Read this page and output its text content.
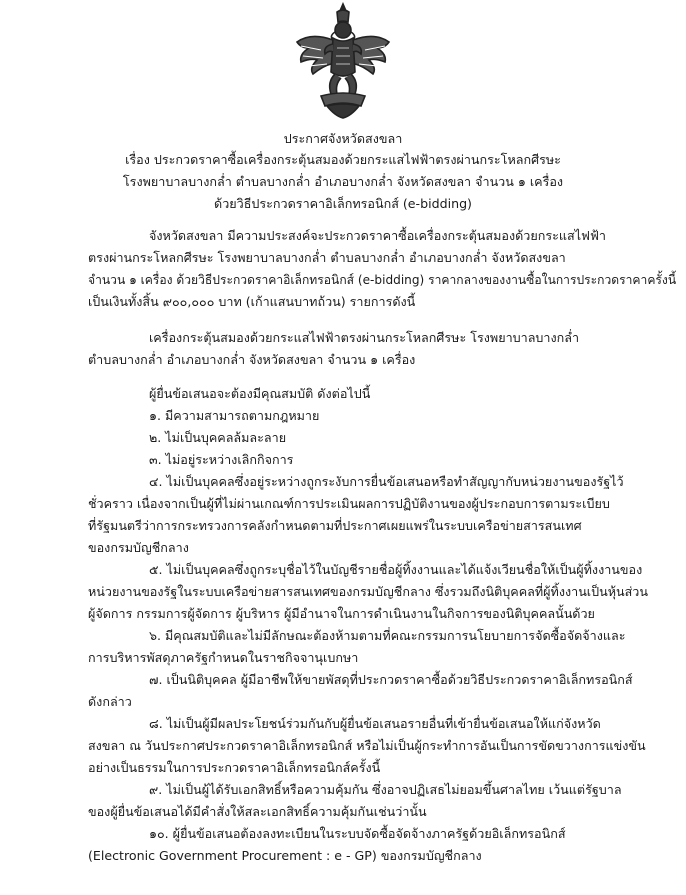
ประกาศจังหวัดสงขลา
เรื่อง ประกวดราคาซื้อเครื่องกระตุ้นสมองด้วยกระแสไฟฟ้าตรงผ่านกระโหลกศีรษะ
โรงพยาบาลบางกล่ำ ตำบลบางกล่ำ อำเภอบางกล่ำ จังหวัดสงขลา จำนวน ๑ เครื่อง
ด้วยวิธีประกวดราคาอิเล็กทรอนิกส์ (e-bidding)
จังหวัดสงขลา มีความประสงค์จะประกวดราคาซื้อเครื่องกระตุ้นสมองด้วยกระแสไฟฟ้า
ตรงผ่านกระโหลกศีรษะ โรงพยาบาลบางกล่ำ ตำบลบางกล่ำ อำเภอบางกล่ำ จังหวัดสงขลา
จำนวน ๑ เครื่อง ด้วยวิธีประกวดราคาอิเล็กทรอนิกส์ (e-bidding) ราคากลางของงานซื้อในการประกวดราคาครั้งนี้
เป็นเงินทั้งสิ้น ๙๐๐,๐๐๐ บาท (เก้าแสนบาทถ้วน) รายการดังนี้
เครื่องกระตุ้นสมองด้วยกระแสไฟฟ้าตรงผ่านกระโหลกศีรษะ โรงพยาบาลบางกล่ำ
ตำบลบางกล่ำ อำเภอบางกล่ำ จังหวัดสงขลา จำนวน ๑ เครื่อง
ผู้ยื่นข้อเสนอจะต้องมีคุณสมบัติ ดังต่อไปนี้
๑. มีความสามารถตามกฎหมาย
๒. ไม่เป็นบุคคลล้มละลาย
๓. ไม่อยู่ระหว่างเลิกกิจการ
๔. ไม่เป็นบุคคลซึ่งอยู่ระหว่างถูกระงับการยื่นข้อเสนอหรือทำสัญญากับหน่วยงานของรัฐไว้
ชั่วคราว เนื่องจากเป็นผู้ที่ไม่ผ่านเกณฑ์การประเมินผลการปฏิบัติงานของผู้ประกอบการตามระเบียบ
ที่รัฐมนตรีว่าการกระทรวงการคลังกำหนดตามที่ประกาศเผยแพร่ในระบบเครือข่ายสารสนเทศ
ของกรมบัญชีกลาง
๕. ไม่เป็นบุคคลซึ่งถูกระบุชื่อไว้ในบัญชีรายชื่อผู้ทิ้งงานและได้แจ้งเวียนชื่อให้เป็นผู้ทิ้งงานของ
หน่วยงานของรัฐในระบบเครือข่ายสารสนเทศของกรมบัญชีกลาง ซึ่งรวมถึงนิติบุคคลที่ผู้ทิ้งงานเป็นหุ้นส่วน
ผู้จัดการ กรรมการผู้จัดการ ผู้บริหาร ผู้มีอำนาจในการดำเนินงานในกิจการของนิติบุคคลนั้นด้วย
๖. มีคุณสมบัติและไม่มีลักษณะต้องห้ามตามที่คณะกรรมการนโยบายการจัดซื้อจัดจ้างและ
การบริหารพัสดุภาครัฐกำหนดในราชกิจจานุเบกษา
๗. เป็นนิติบุคคล ผู้มีอาชีพให้ขายพัสดุที่ประกวดราคาซื้อด้วยวิธีประกวดราคาอิเล็กทรอนิกส์
ดังกล่าว
๘. ไม่เป็นผู้มีผลประโยชน์ร่วมกันกับผู้ยื่นข้อเสนอรายอื่นที่เข้ายื่นข้อเสนอให้แก่จังหวัด
สงขลา ณ วันประกาศประกวดราคาอิเล็กทรอนิกส์ หรือไม่เป็นผู้กระทำการอันเป็นการขัดขวางการแข่งขัน
อย่างเป็นธรรมในการประกวดราคาอิเล็กทรอนิกส์ครั้งนี้
๙. ไม่เป็นผู้ได้รับเอกสิทธิ์หรือความคุ้มกัน ซึ่งอาจปฏิเสธไม่ยอมขึ้นศาลไทย เว้นแต่รัฐบาล
ของผู้ยื่นข้อเสนอได้มีคำสั่งให้สละเอกสิทธิ์ความคุ้มกันเช่นว่านั้น
๑๐. ผู้ยื่นข้อเสนอต้องลงทะเบียนในระบบจัดซื้อจัดจ้างภาครัฐด้วยอิเล็กทรอนิกส์
(Electronic Government Procurement : e - GP) ของกรมบัญชีกลาง
